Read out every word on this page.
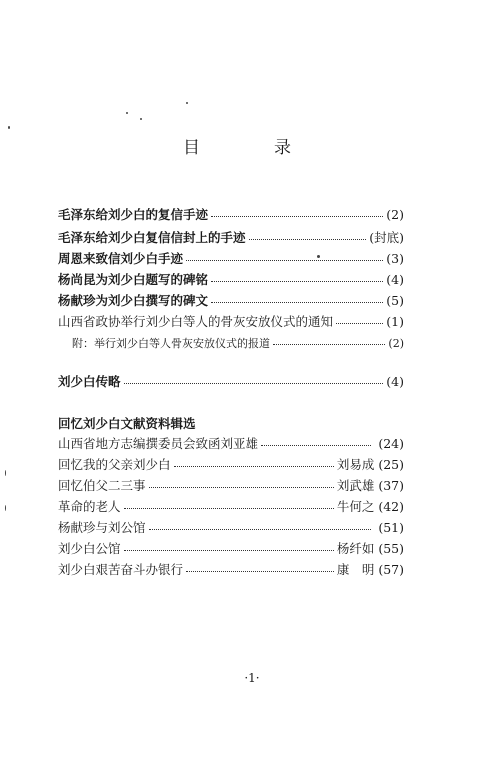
目	录
毛泽东给刘少白的复信手迹	(2)
毛泽东给刘少白复信信封上的手迹	(封底)
周恩来致信刘少白手迹	(3)
杨尚昆为刘少白题写的碑铭	(4)
杨献珍为刘少白撰写的碑文	(5)
山西省政协举行刘少白等人的骨灰安放仪式的通知	(1)
附：举行刘少白等人骨灰安放仪式的报道	(2)
刘少白传略	(4)
回忆刘少白文献资料辑选
山西省地方志编撰委员会致函刘亚雄	(24)
回忆我的父亲刘少白	刘易成 (25)
回忆伯父二三事	刘武雄 (37)
革命的老人	牛何之 (42)
杨献珍与刘公馆	(51)
刘少白公馆	杨纤如 (55)
刘少白艰苦奋斗办银行	康　明 (57)
·1·
